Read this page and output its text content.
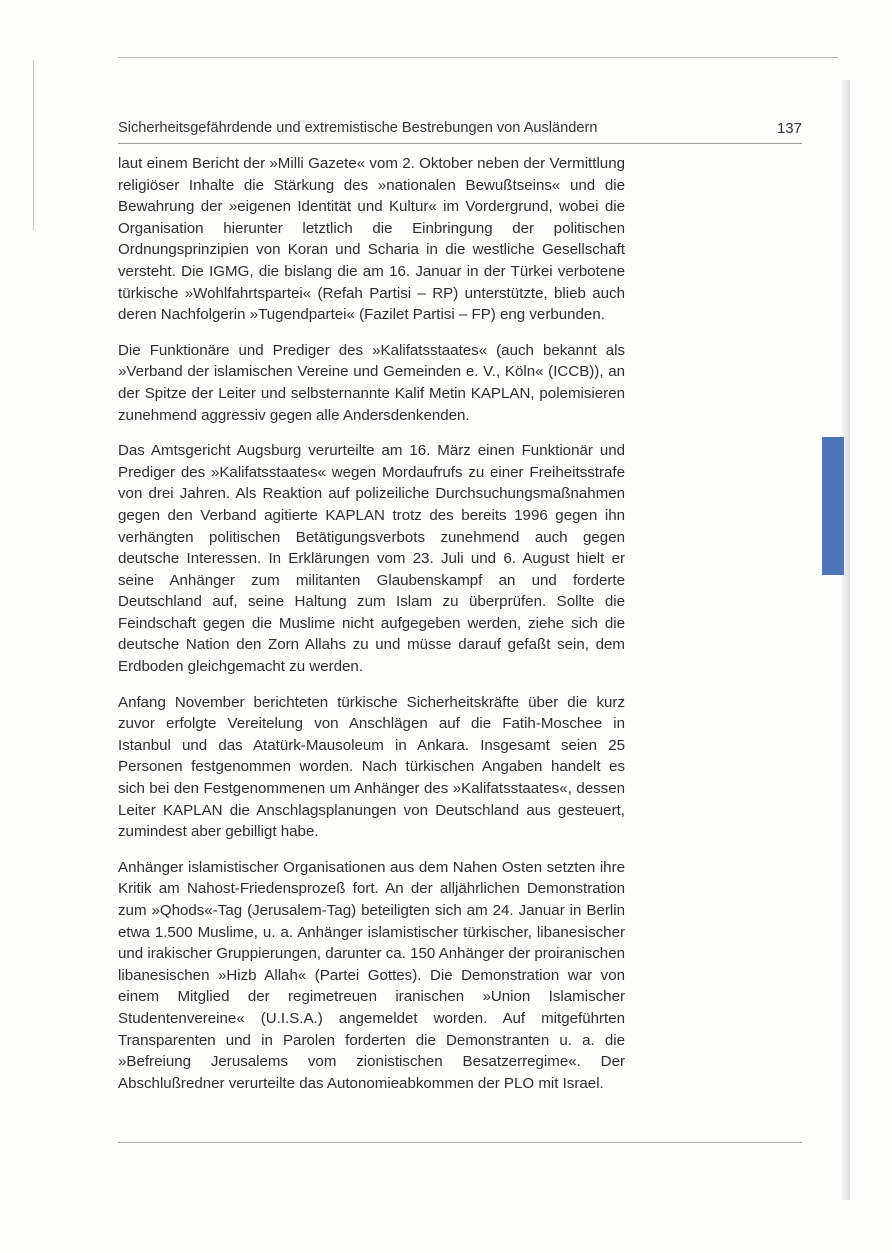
Sicherheitsgefährdende und extremistische Bestrebungen von Ausländern	137

laut einem Bericht der »Milli Gazete« vom 2. Oktober neben der Vermittlung religiöser Inhalte die Stärkung des »nationalen Bewußtseins« und die Bewahrung der »eigenen Identität und Kultur« im Vordergrund, wobei die Organisation hierunter letztlich die Einbringung der politischen Ordnungsprinzipien von Koran und Scharia in die westliche Gesellschaft versteht. Die IGMG, die bislang die am 16. Januar in der Türkei verbotene türkische »Wohlfahrtspartei« (Refah Partisi – RP) unterstützte, blieb auch deren Nachfolgerin »Tugendpartei« (Fazilet Partisi – FP) eng verbunden.

Die Funktionäre und Prediger des »Kalifatsstaates« (auch bekannt als »Verband der islamischen Vereine und Gemeinden e. V., Köln« (ICCB)), an der Spitze der Leiter und selbsternannte Kalif Metin KAPLAN, polemisieren zunehmend aggressiv gegen alle Andersdenkenden.

Das Amtsgericht Augsburg verurteilte am 16. März einen Funktionär und Prediger des »Kalifatsstaates« wegen Mordaufrufs zu einer Freiheitsstrafe von drei Jahren. Als Reaktion auf polizeiliche Durchsuchungsmaßnahmen gegen den Verband agitierte KAPLAN trotz des bereits 1996 gegen ihn verhängten politischen Betätigungsverbots zunehmend auch gegen deutsche Interessen. In Erklärungen vom 23. Juli und 6. August hielt er seine Anhänger zum militanten Glaubenskampf an und forderte Deutschland auf, seine Haltung zum Islam zu überprüfen. Sollte die Feindschaft gegen die Muslime nicht aufgegeben werden, ziehe sich die deutsche Nation den Zorn Allahs zu und müsse darauf gefaßt sein, dem Erdboden gleichgemacht zu werden.

Anfang November berichteten türkische Sicherheitskräfte über die kurz zuvor erfolgte Vereitelung von Anschlägen auf die Fatih-Moschee in Istanbul und das Atatürk-Mausoleum in Ankara. Insgesamt seien 25 Personen festgenommen worden. Nach türkischen Angaben handelt es sich bei den Festgenommenen um Anhänger des »Kalifatsstaates«, dessen Leiter KAPLAN die Anschlagsplanungen von Deutschland aus gesteuert, zumindest aber gebilligt habe.

Anhänger islamistischer Organisationen aus dem Nahen Osten setzten ihre Kritik am Nahost-Friedensprozeß fort. An der alljährlichen Demonstration zum »Qhods«-Tag (Jerusalem-Tag) beteiligten sich am 24. Januar in Berlin etwa 1.500 Muslime, u. a. Anhänger islamistischer türkischer, libanesischer und irakischer Gruppierungen, darunter ca. 150 Anhänger der proiranischen libanesischen »Hizb Allah« (Partei Gottes). Die Demonstration war von einem Mitglied der regimetreuen iranischen »Union Islamischer Studentenvereine« (U.I.S.A.) angemeldet worden. Auf mitgeführten Transparenten und in Parolen forderten die Demonstranten u. a. die »Befreiung Jerusalems vom zionistischen Besatzerregime«. Der Abschlußredner verurteilte das Autonomieabkommen der PLO mit Israel.
